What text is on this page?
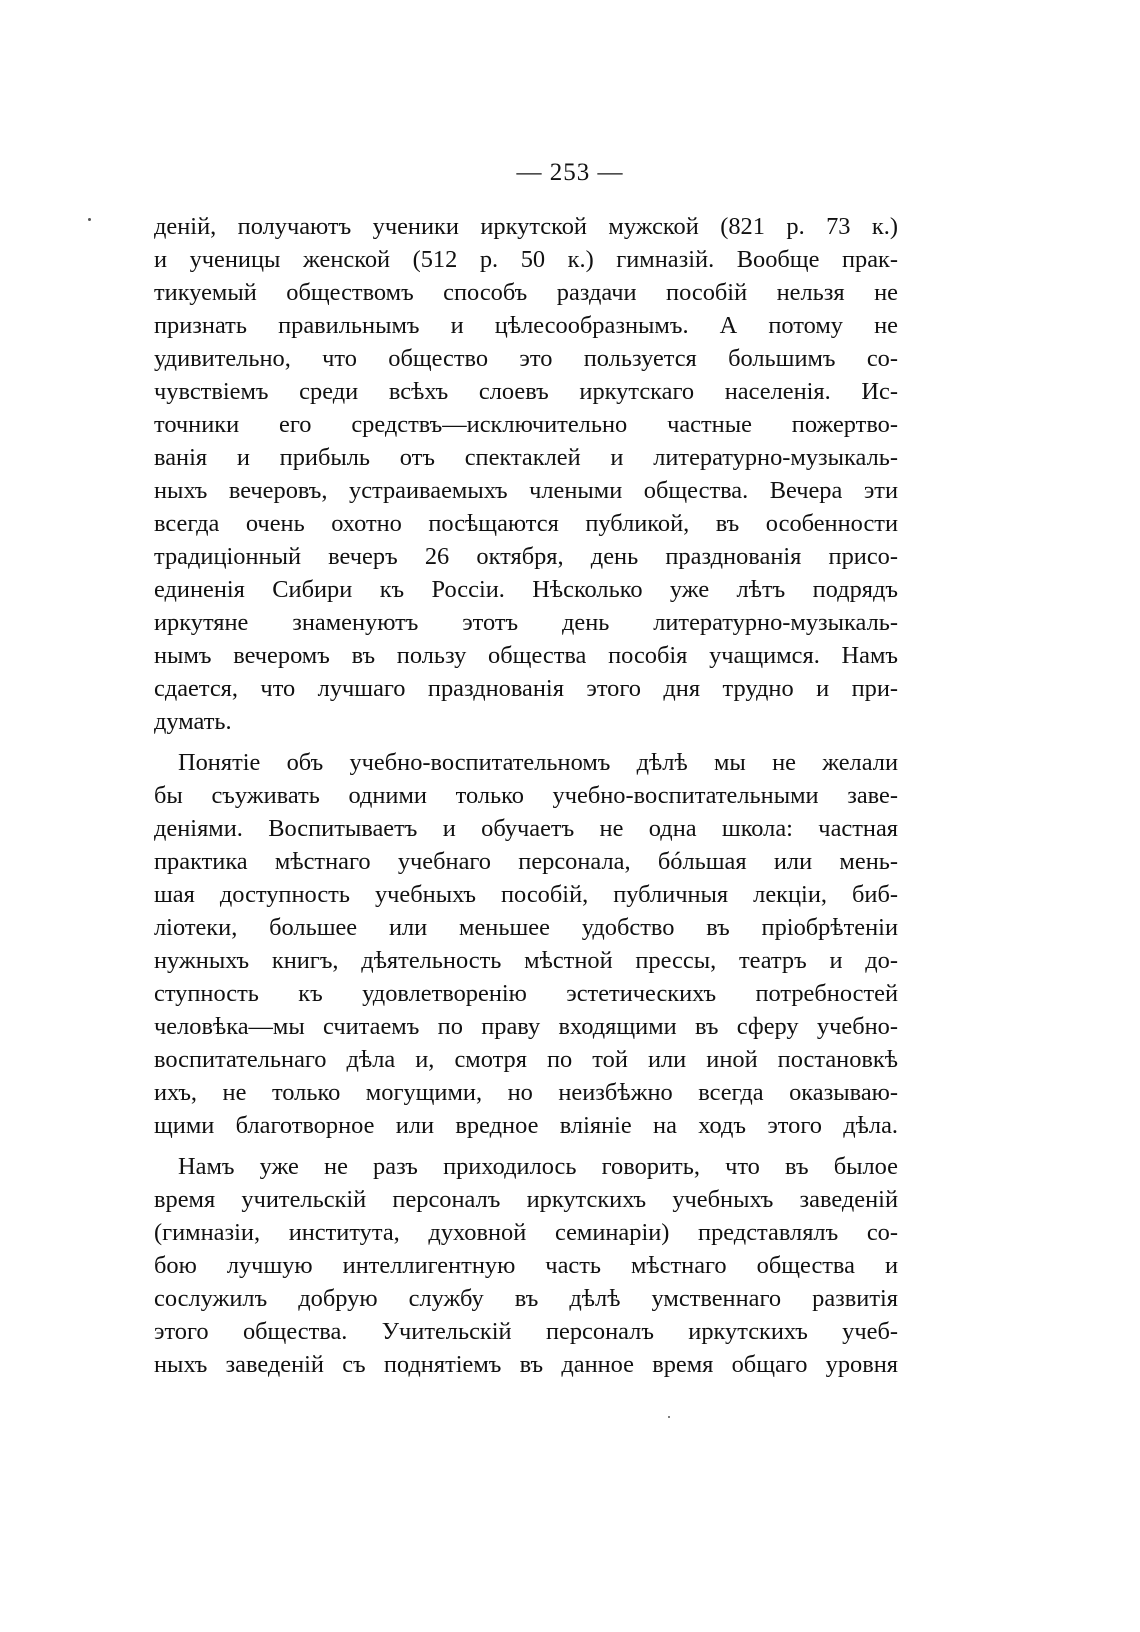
— 253 —
деній, получаютъ ученики иркутской мужской (821 р. 73 к.)
и ученицы женской (512 р. 50 к.) гимназій. Вообще прак-
тикуемый обществомъ способъ раздачи пособій нельзя не
признать правильнымъ и цѣлесообразнымъ. А потому не
удивительно, что общество это пользуется большимъ со-
чувствіемъ среди всѣхъ слоевъ иркутскаго населенія. Ис-
точники его средствъ—исключительно частные пожертво-
ванія и прибыль отъ спектаклей и литературно-музыкаль-
ныхъ вечеровъ, устраиваемыхъ члеными общества. Вечера эти
всегда очень охотно посѣщаются публикой, въ особенности
традиціонный вечеръ 26 октября, день празднованія присо-
единенія Сибири къ Россіи. Нѣсколько уже лѣтъ подрядъ
иркутяне знаменуютъ этотъ день литературно-музыкаль-
нымъ вечеромъ въ пользу общества пособія учащимся. Намъ
сдается, что лучшаго празднованія этого дня трудно и при-
думать.
Понятіе объ учебно-воспитательномъ дѣлѣ мы не желали
бы съуживать одними только учебно-воспитательными заве-
деніями. Воспитываетъ и обучаетъ не одна школа: частная
практика мѣстнаго учебнаго персонала, бóльшая или мень-
шая доступность учебныхъ пособій, публичныя лекціи, биб-
ліотеки, большее или меньшее удобство въ пріобрѣтеніи
нужныхъ книгъ, дѣятельность мѣстной прессы, театръ и до-
ступность къ удовлетворенію эстетическихъ потребностей
человѣка—мы считаемъ по праву входящими въ сферу учебно-
воспитательнаго дѣла и, смотря по той или иной постановкѣ
ихъ, не только могущими, но неизбѣжно всегда оказываю-
щими благотворное или вредное вліяніе на ходъ этого дѣла.
Намъ уже не разъ приходилось говорить, что въ былое
время учительскій персоналъ иркутскихъ учебныхъ заведеній
(гимназіи, института, духовной семинаріи) представлялъ со-
бою лучшую интеллигентную часть мѣстнаго общества и
сослужилъ добрую службу въ дѣлѣ умственнаго развитія
этого общества. Учительскій персоналъ иркутскихъ учеб-
ныхъ заведеній съ поднятіемъ въ данное время общаго уровня
